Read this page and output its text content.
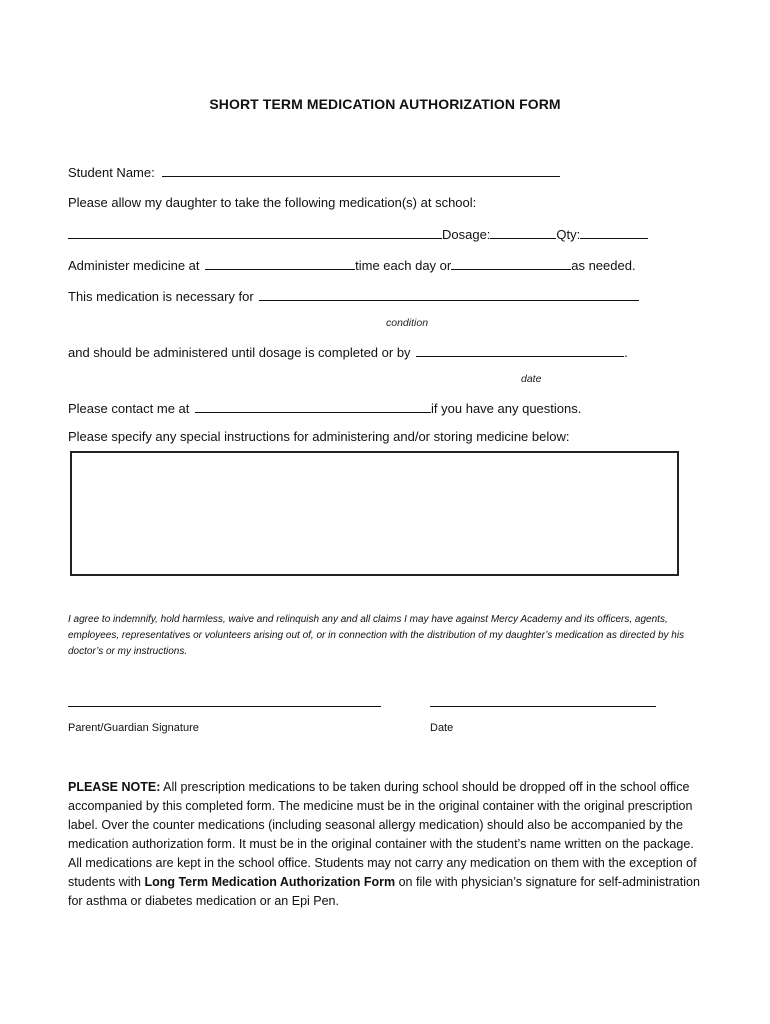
SHORT TERM MEDICATION AUTHORIZATION FORM
Student Name:
Please allow my daughter to take the following medication(s) at school:
Dosage:	Qty:
Administer medicine at	time each day or	as needed.
This medication is necessary for
condition
and should be administered until dosage is completed or by	.
date
Please contact me at	if you have any questions.
Please specify any special instructions for administering and/or storing medicine below:
I agree to indemnify, hold harmless, waive and relinquish any and all claims I may have against Mercy Academy and its officers, agents, employees, representatives or volunteers arising out of, or in connection with the distribution of my daughter’s medication as directed by his doctor’s or my instructions.
Parent/Guardian Signature	Date
PLEASE NOTE: All prescription medications to be taken during school should be dropped off in the school office accompanied by this completed form. The medicine must be in the original container with the original prescription label. Over the counter medications (including seasonal allergy medication) should also be accompanied by the medication authorization form. It must be in the original container with the student’s name written on the package. All medications are kept in the school office. Students may not carry any medication on them with the exception of students with Long Term Medication Authorization Form on file with physician’s signature for self-administration for asthma or diabetes medication or an Epi Pen.
